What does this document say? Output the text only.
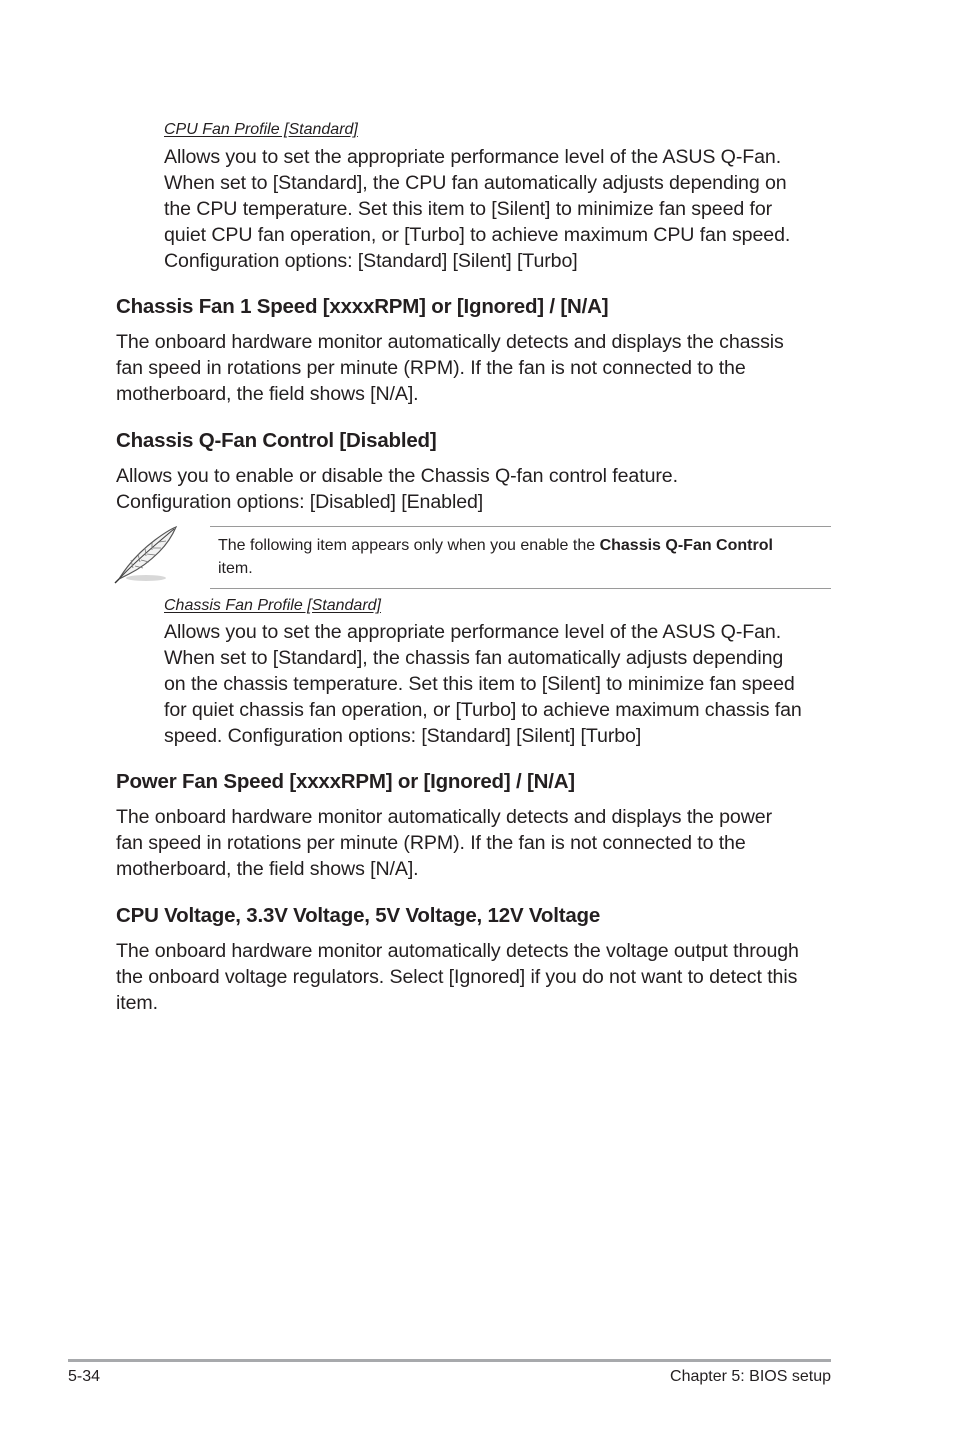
CPU Fan Profile [Standard]
Allows you to set the appropriate performance level of the ASUS Q-Fan.
When set to [Standard], the CPU fan automatically adjusts depending on
the CPU temperature. Set this item to [Silent] to minimize fan speed for
quiet CPU fan operation, or [Turbo] to achieve maximum CPU fan speed.
Configuration options: [Standard] [Silent] [Turbo]
Chassis Fan 1 Speed [xxxxRPM] or [Ignored] / [N/A]
The onboard hardware monitor automatically detects and displays the chassis
fan speed in rotations per minute (RPM). If the fan is not connected to the
motherboard, the field shows [N/A].
Chassis Q-Fan Control [Disabled]
Allows you to enable or disable the Chassis Q-fan control feature.
Configuration options: [Disabled] [Enabled]
The following item appears only when you enable the Chassis Q-Fan Control
item.
Chassis Fan Profile [Standard]
Allows you to set the appropriate performance level of the ASUS Q-Fan.
When set to [Standard], the chassis fan automatically adjusts depending
on the chassis temperature. Set this item to [Silent] to minimize fan speed
for quiet chassis fan operation, or [Turbo] to achieve maximum chassis fan
speed. Configuration options: [Standard] [Silent] [Turbo]
Power Fan Speed [xxxxRPM] or [Ignored] / [N/A]
The onboard hardware monitor automatically detects and displays the power
fan speed in rotations per minute (RPM). If the fan is not connected to the
motherboard, the field shows [N/A].
CPU Voltage, 3.3V Voltage, 5V Voltage, 12V Voltage
The onboard hardware monitor automatically detects the voltage output through
the onboard voltage regulators. Select [Ignored] if you do not want to detect this
item.
5-34	Chapter 5: BIOS setup
